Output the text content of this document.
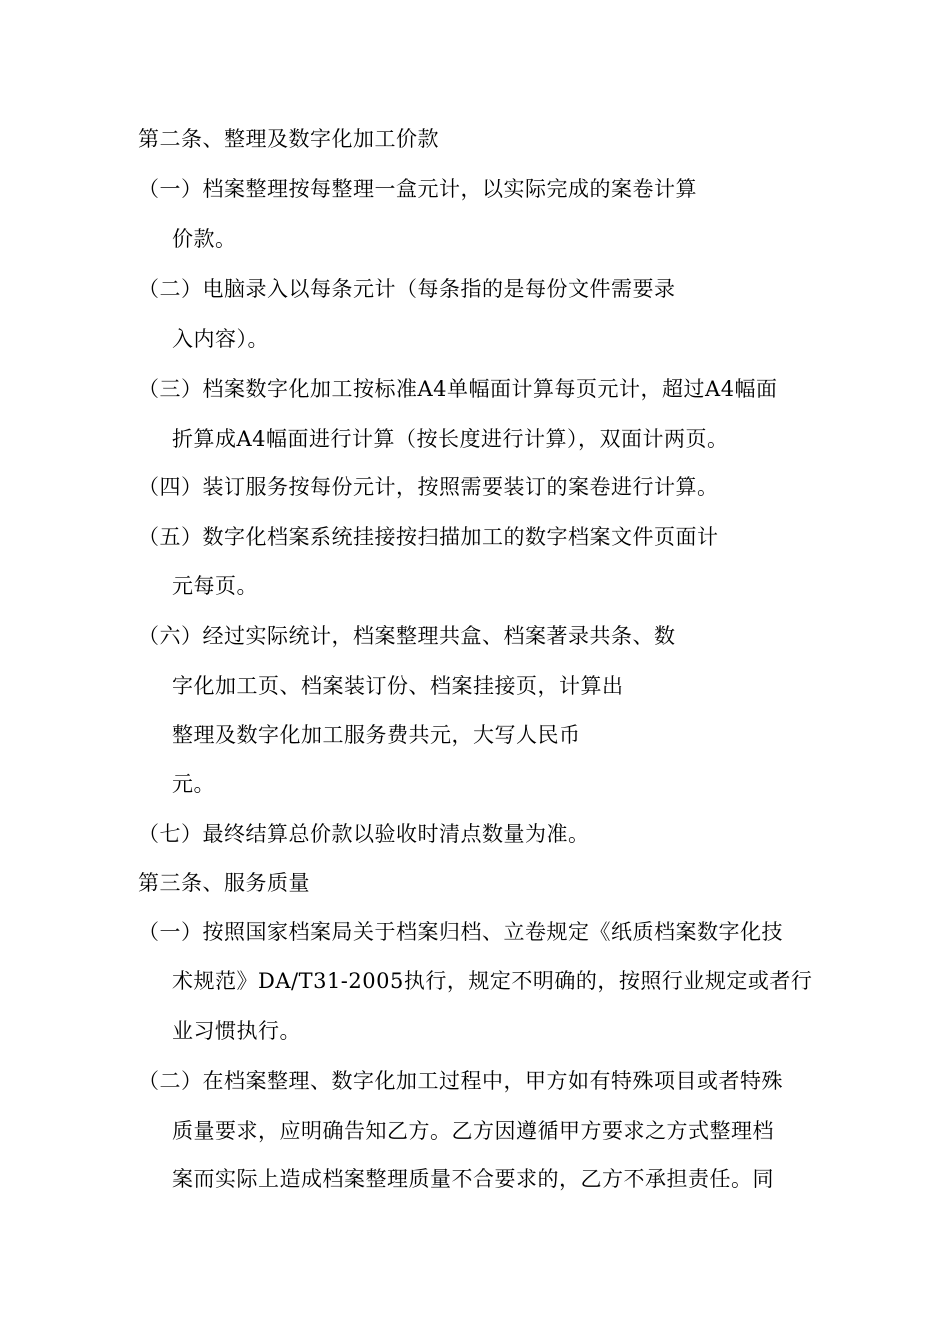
第二条、整理及数字化加工价款
（一）档案整理按每整理一盒元计，以实际完成的案卷计算
价款。
（二）电脑录入以每条元计（每条指的是每份文件需要录
入内容）。
（三）档案数字化加工按标准A4单幅面计算每页元计，超过A4幅面
折算成A4幅面进行计算（按长度进行计算），双面计两页。
（四）装订服务按每份元计，按照需要装订的案卷进行计算。
（五）数字化档案系统挂接按扫描加工的数字档案文件页面计
元每页。
（六）经过实际统计，档案整理共盒、档案著录共条、数
字化加工页、档案装订份、档案挂接页，计算出
整理及数字化加工服务费共元，大写人民币
元。
（七）最终结算总价款以验收时清点数量为准。
第三条、服务质量
（一）按照国家档案局关于档案归档、立卷规定《纸质档案数字化技
术规范》DA/T31-2005执行，规定不明确的，按照行业规定或者行
业习惯执行。
（二）在档案整理、数字化加工过程中，甲方如有特殊项目或者特殊
质量要求，应明确告知乙方。乙方因遵循甲方要求之方式整理档
案而实际上造成档案整理质量不合要求的，乙方不承担责任。同
